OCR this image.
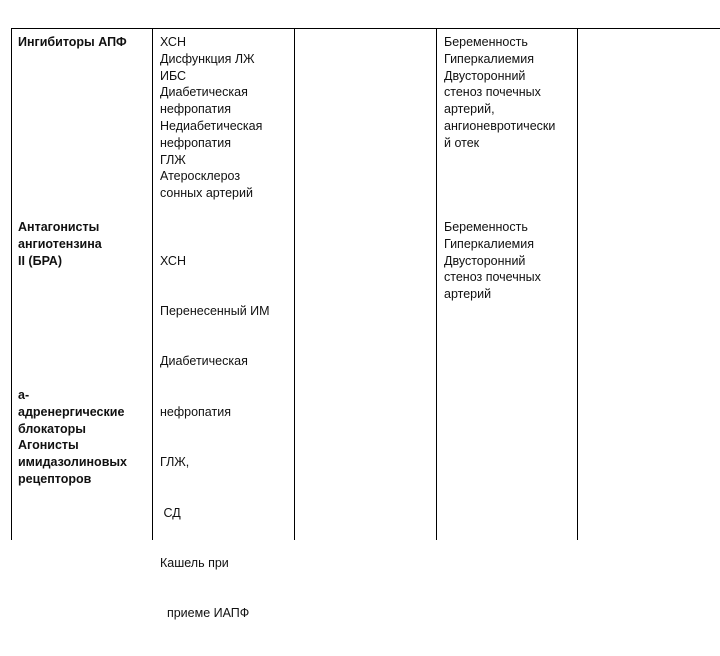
Ингибиторы АПФ	ХСН
Дисфункция ЛЖ
ИБС
Диабетическая
нефропатия
Недиабетическая
нефропатия
ГЛЖ
Атеросклероз
сонных артерий
Беременность
Гиперкалиемия
Двусторонний
стеноз почечных
артерий,
ангионевротически
й отек
Антагонисты
ангиотензина
II (БРА)

	ХСН

Перенесенный ИМ

Диабетическая

нефропатия

ГЛЖ,

СД

Кашель при

приеме ИАПФ

Беременность
Гиперкалиемия
Двусторонний
стеноз почечных
артерий
a-
адренергические
блокаторы
Агонисты
имидазолиновых
рецепторов
